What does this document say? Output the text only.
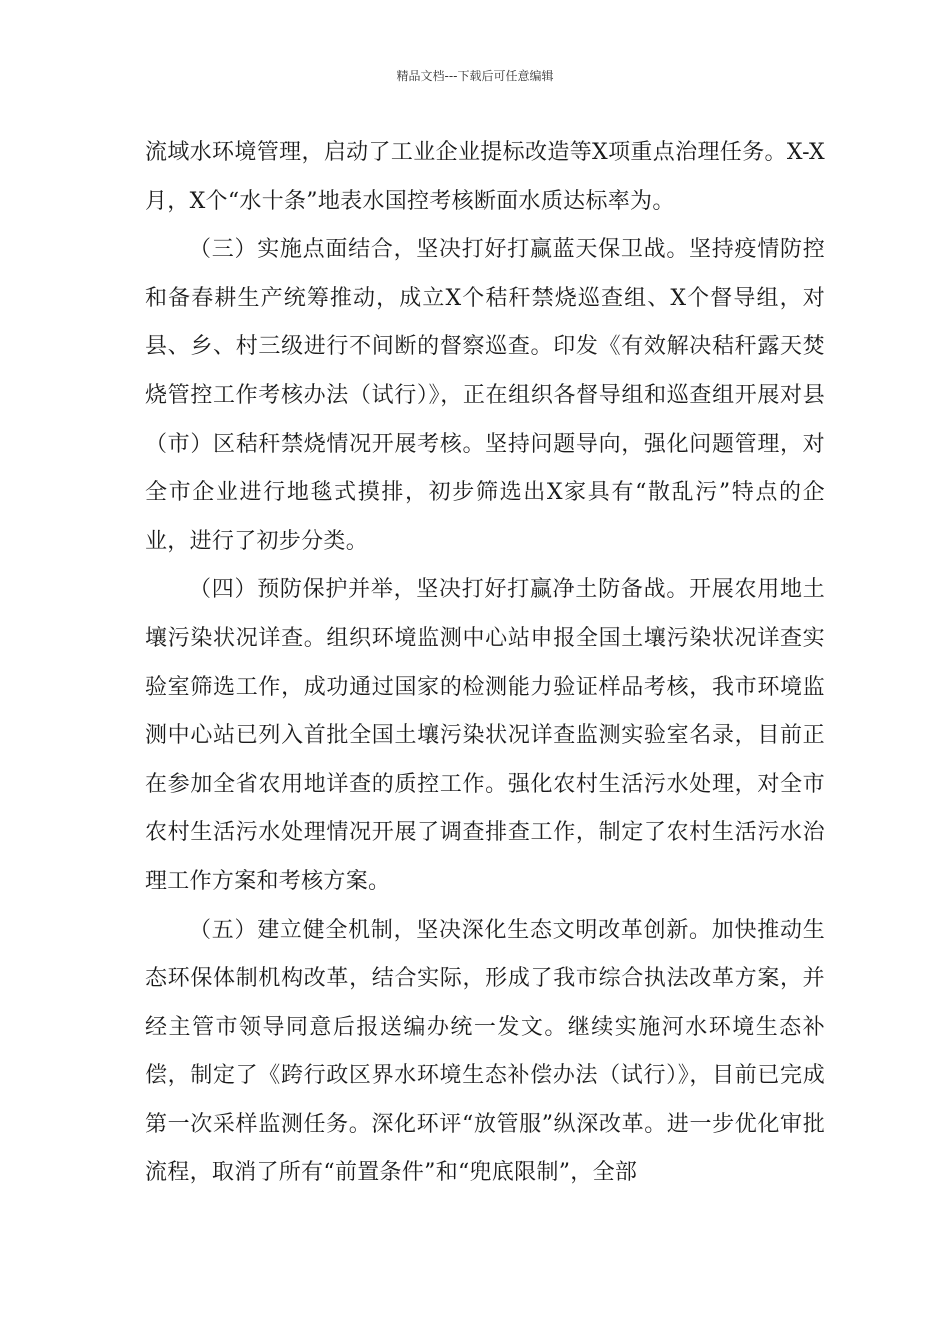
精品文档---下载后可任意编辑

流域水环境管理，启动了工业企业提标改造等X项重点治理任务。X-X月，X个“水十条”地表水国控考核断面水质达标率为。

（三）实施点面结合，坚决打好打赢蓝天保卫战。坚持疫情防控和备春耕生产统筹推动，成立X个秸秆禁烧巡查组、X个督导组，对县、乡、村三级进行不间断的督察巡查。印发《有效解决秸秆露天焚烧管控工作考核办法（试行）》，正在组织各督导组和巡查组开展对县（市）区秸秆禁烧情况开展考核。坚持问题导向，强化问题管理，对全市企业进行地毯式摸排，初步筛选出X家具有“散乱污”特点的企业，进行了初步分类。

（四）预防保护并举，坚决打好打赢净土防备战。开展农用地土壤污染状况详查。组织环境监测中心站申报全国土壤污染状况详查实验室筛选工作，成功通过国家的检测能力验证样品考核，我市环境监测中心站已列入首批全国土壤污染状况详查监测实验室名录，目前正在参加全省农用地详查的质控工作。强化农村生活污水处理，对全市农村生活污水处理情况开展了调查排查工作，制定了农村生活污水治理工作方案和考核方案。

（五）建立健全机制，坚决深化生态文明改革创新。加快推动生态环保体制机构改革，结合实际，形成了我市综合执法改革方案，并经主管市领导同意后报送编办统一发文。继续实施河水环境生态补偿，制定了《跨行政区界水环境生态补偿办法（试行）》，目前已完成第一次采样监测任务。深化环评“放管服”纵深改革。进一步优化审批流程，取消了所有“前置条件”和“兜底限制”，全部
